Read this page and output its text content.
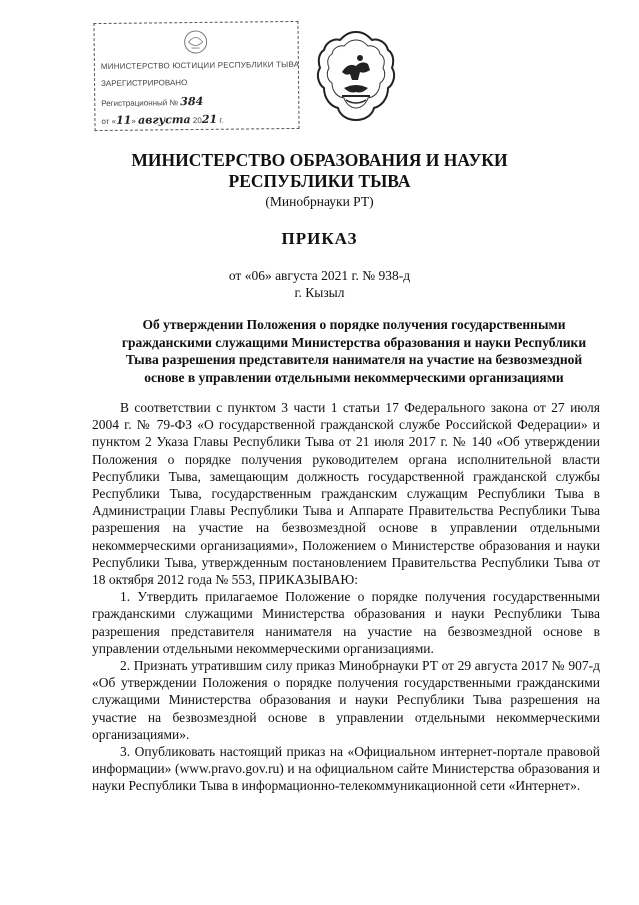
МИНИСТЕРСТВО ЮСТИЦИИ РЕСПУБЛИКИ ТЫВА
ЗАРЕГИСТРИРОВАНО
Регистрационный № 384
от «11» августа 2021 г.
МИНИСТЕРСТВО ОБРАЗОВАНИЯ И НАУКИ
РЕСПУБЛИКИ ТЫВА
(Минобрнауки РТ)
ПРИКАЗ
от «06» августа 2021 г. № 938-д
г. Кызыл
Об утверждении Положения о порядке получения государственными гражданскими служащими Министерства образования и науки Республики Тыва разрешения представителя нанимателя на участие на безвозмездной основе в управлении отдельными некоммерческими организациями

В соответствии с пунктом 3 части 1 статьи 17 Федерального закона от 27 июля 2004 г. № 79-ФЗ «О государственной гражданской службе Российской Федерации» и пунктом 2 Указа Главы Республики Тыва от 21 июля 2017 г. № 140 «Об утверждении Положения о порядке получения руководителем органа исполнительной власти Республики Тыва, замещающим должность государственной гражданской службы Республики Тыва, государственным гражданским служащим Республики Тыва в Администрации Главы Республики Тыва и Аппарате Правительства Республики Тыва разрешения на участие на безвозмездной основе в управлении отдельными некоммерческими организациями», Положением о Министерстве образования и науки Республики Тыва, утвержденным постановлением Правительства Республики Тыва от 18 октября 2012 года № 553, ПРИКАЗЫВАЮ:

1. Утвердить прилагаемое Положение о порядке получения государственными гражданскими служащими Министерства образования и науки Республики Тыва разрешения представителя нанимателя на участие на безвозмездной основе в управлении отдельными некоммерческими организациями.

2. Признать утратившим силу приказ Минобрнауки РТ от 29 августа 2017 № 907-д «Об утверждении Положения о порядке получения государственными гражданскими служащими Министерства образования и науки Республики Тыва разрешения на участие на безвозмездной основе в управлении отдельными некоммерческими организациями».

3. Опубликовать настоящий приказ на «Официальном интернет-портале правовой информации» (www.pravo.gov.ru) и на официальном сайте Министерства образования и науки Республики Тыва в информационно-телекоммуникационной сети «Интернет».
